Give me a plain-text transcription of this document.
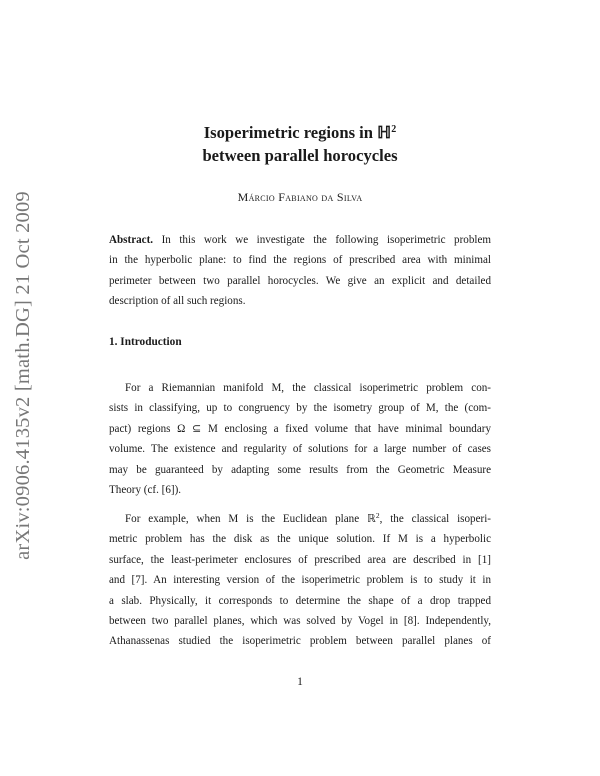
arXiv:0906.4135v2 [math.DG] 21 Oct 2009
Isoperimetric regions in ℍ$^2$
between parallel horocycles
Márcio Fabiano da Silva
Abstract. In this work we investigate the following isoperimetric problem
in the hyperbolic plane: to find the regions of prescribed area with minimal
perimeter between two parallel horocycles. We give an explicit and detailed
description of all such regions.
1. Introduction
For a Riemannian manifold M, the classical isoperimetric problem con-
sists in classifying, up to congruency by the isometry group of M, the (com-
pact) regions Ω ⊆ M enclosing a fixed volume that have minimal boundary
volume. The existence and regularity of solutions for a large number of cases
may be guaranteed by adapting some results from the Geometric Measure
Theory (cf. [6]).
For example, when M is the Euclidean plane ℝ$^2$, the classical isoperi-
metric problem has the disk as the unique solution. If M is a hyperbolic
surface, the least-perimeter enclosures of prescribed area are described in [1]
and [7]. An interesting version of the isoperimetric problem is to study it in
a slab. Physically, it corresponds to determine the shape of a drop trapped
between two parallel planes, which was solved by Vogel in [8]. Independently,
Athanassenas studied the isoperimetric problem between parallel planes of
1
